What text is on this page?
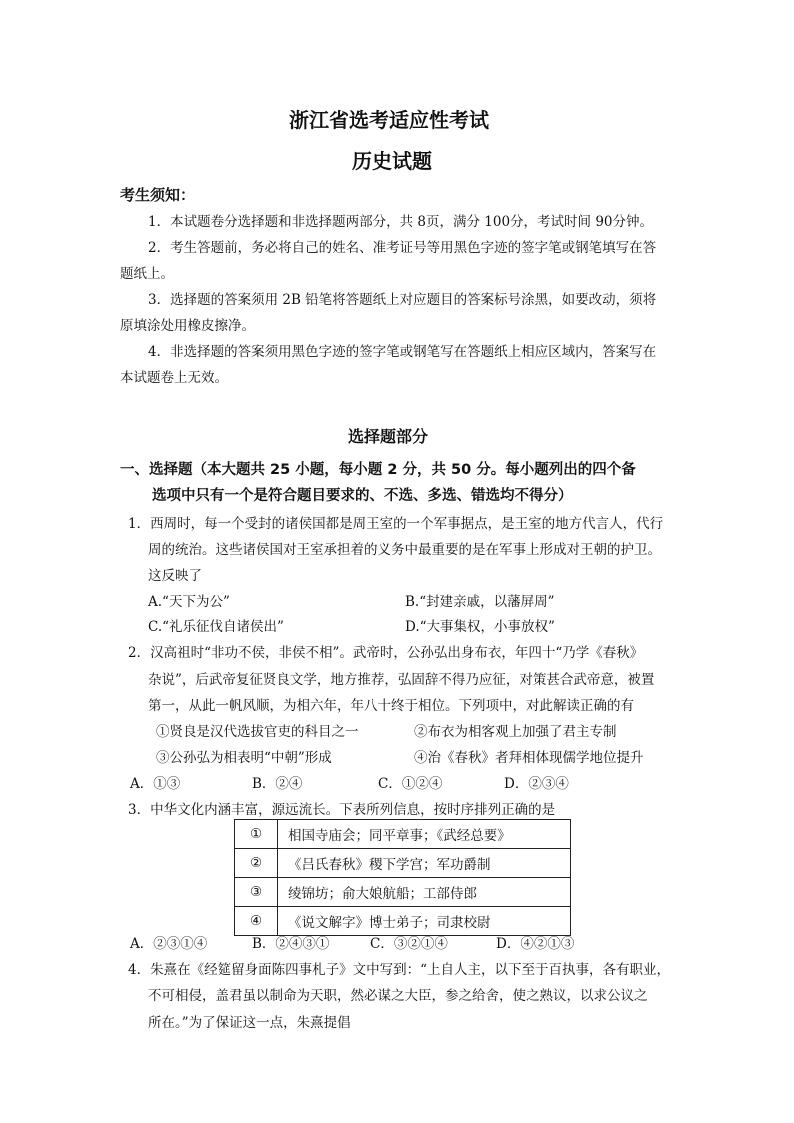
浙江省选考适应性考试
历史试题
考生须知：
1．本试题卷分选择题和非选择题两部分，共 8页，满分 100分，考试时间 90分钟。
2．考生答题前，务必将自己的姓名、准考证号等用黑色字迹的签字笔或钢笔填写在答
题纸上。
3．选择题的答案须用 2B 铅笔将答题纸上对应题目的答案标号涂黑，如要改动，须将
原填涂处用橡皮擦净。
4．非选择题的答案须用黑色字迹的签字笔或钢笔写在答题纸上相应区域内，答案写在
本试题卷上无效。
选择题部分
一、选择题（本大题共 25 小题，每小题 2 分，共 50 分。每小题列出的四个备
选项中只有一个是符合题目要求的、不选、多选、错选均不得分）
1．西周时，每一个受封的诸侯国都是周王室的一个军事据点，是王室的地方代言人，代行
周的统治。这些诸侯国对王室承担着的义务中最重要的是在军事上形成对王朝的护卫。
这反映了
A.“天下为公”	B.“封建亲戚，以藩屏周”
C.“礼乐征伐自诸侯出”	D.“大事集权，小事放权”
2．汉高祖时“非功不侯，非侯不相”。武帝时，公孙弘出身布衣，年四十“乃学《春秋》
杂说”，后武帝复征贤良文学，地方推荐，弘固辞不得乃应征，对策甚合武帝意，被置
第一，从此一帆风顺，为相六年，年八十终于相位。下列项中，对此解读正确的有
①贤良是汉代选拔官吏的科目之一	②布衣为相客观上加强了君主专制
③公孙弘为相表明“中朝”形成	④治《春秋》者拜相体现儒学地位提升
A．①③	B．②④	C．①②④	D．②③④
3．中华文化内涵丰富，源远流长。下表所列信息，按时序排列正确的是
①	相国寺庙会；同平章事；《武经总要》
②	《吕氏春秋》稷下学宫；军功爵制
③	绫锦坊；俞大娘航船；工部侍郎
④	《说文解字》博士弟子；司隶校尉
A．②③①④	B．②④③①	C．③②①④	D．④②①③
4．朱熹在《经筵留身面陈四事札子》文中写到：“上自人主，以下至于百执事，各有职业，
不可相侵，盖君虽以制命为天职，然必谋之大臣，参之给舍，使之熟议，以求公议之
所在。”为了保证这一点，朱熹提倡
